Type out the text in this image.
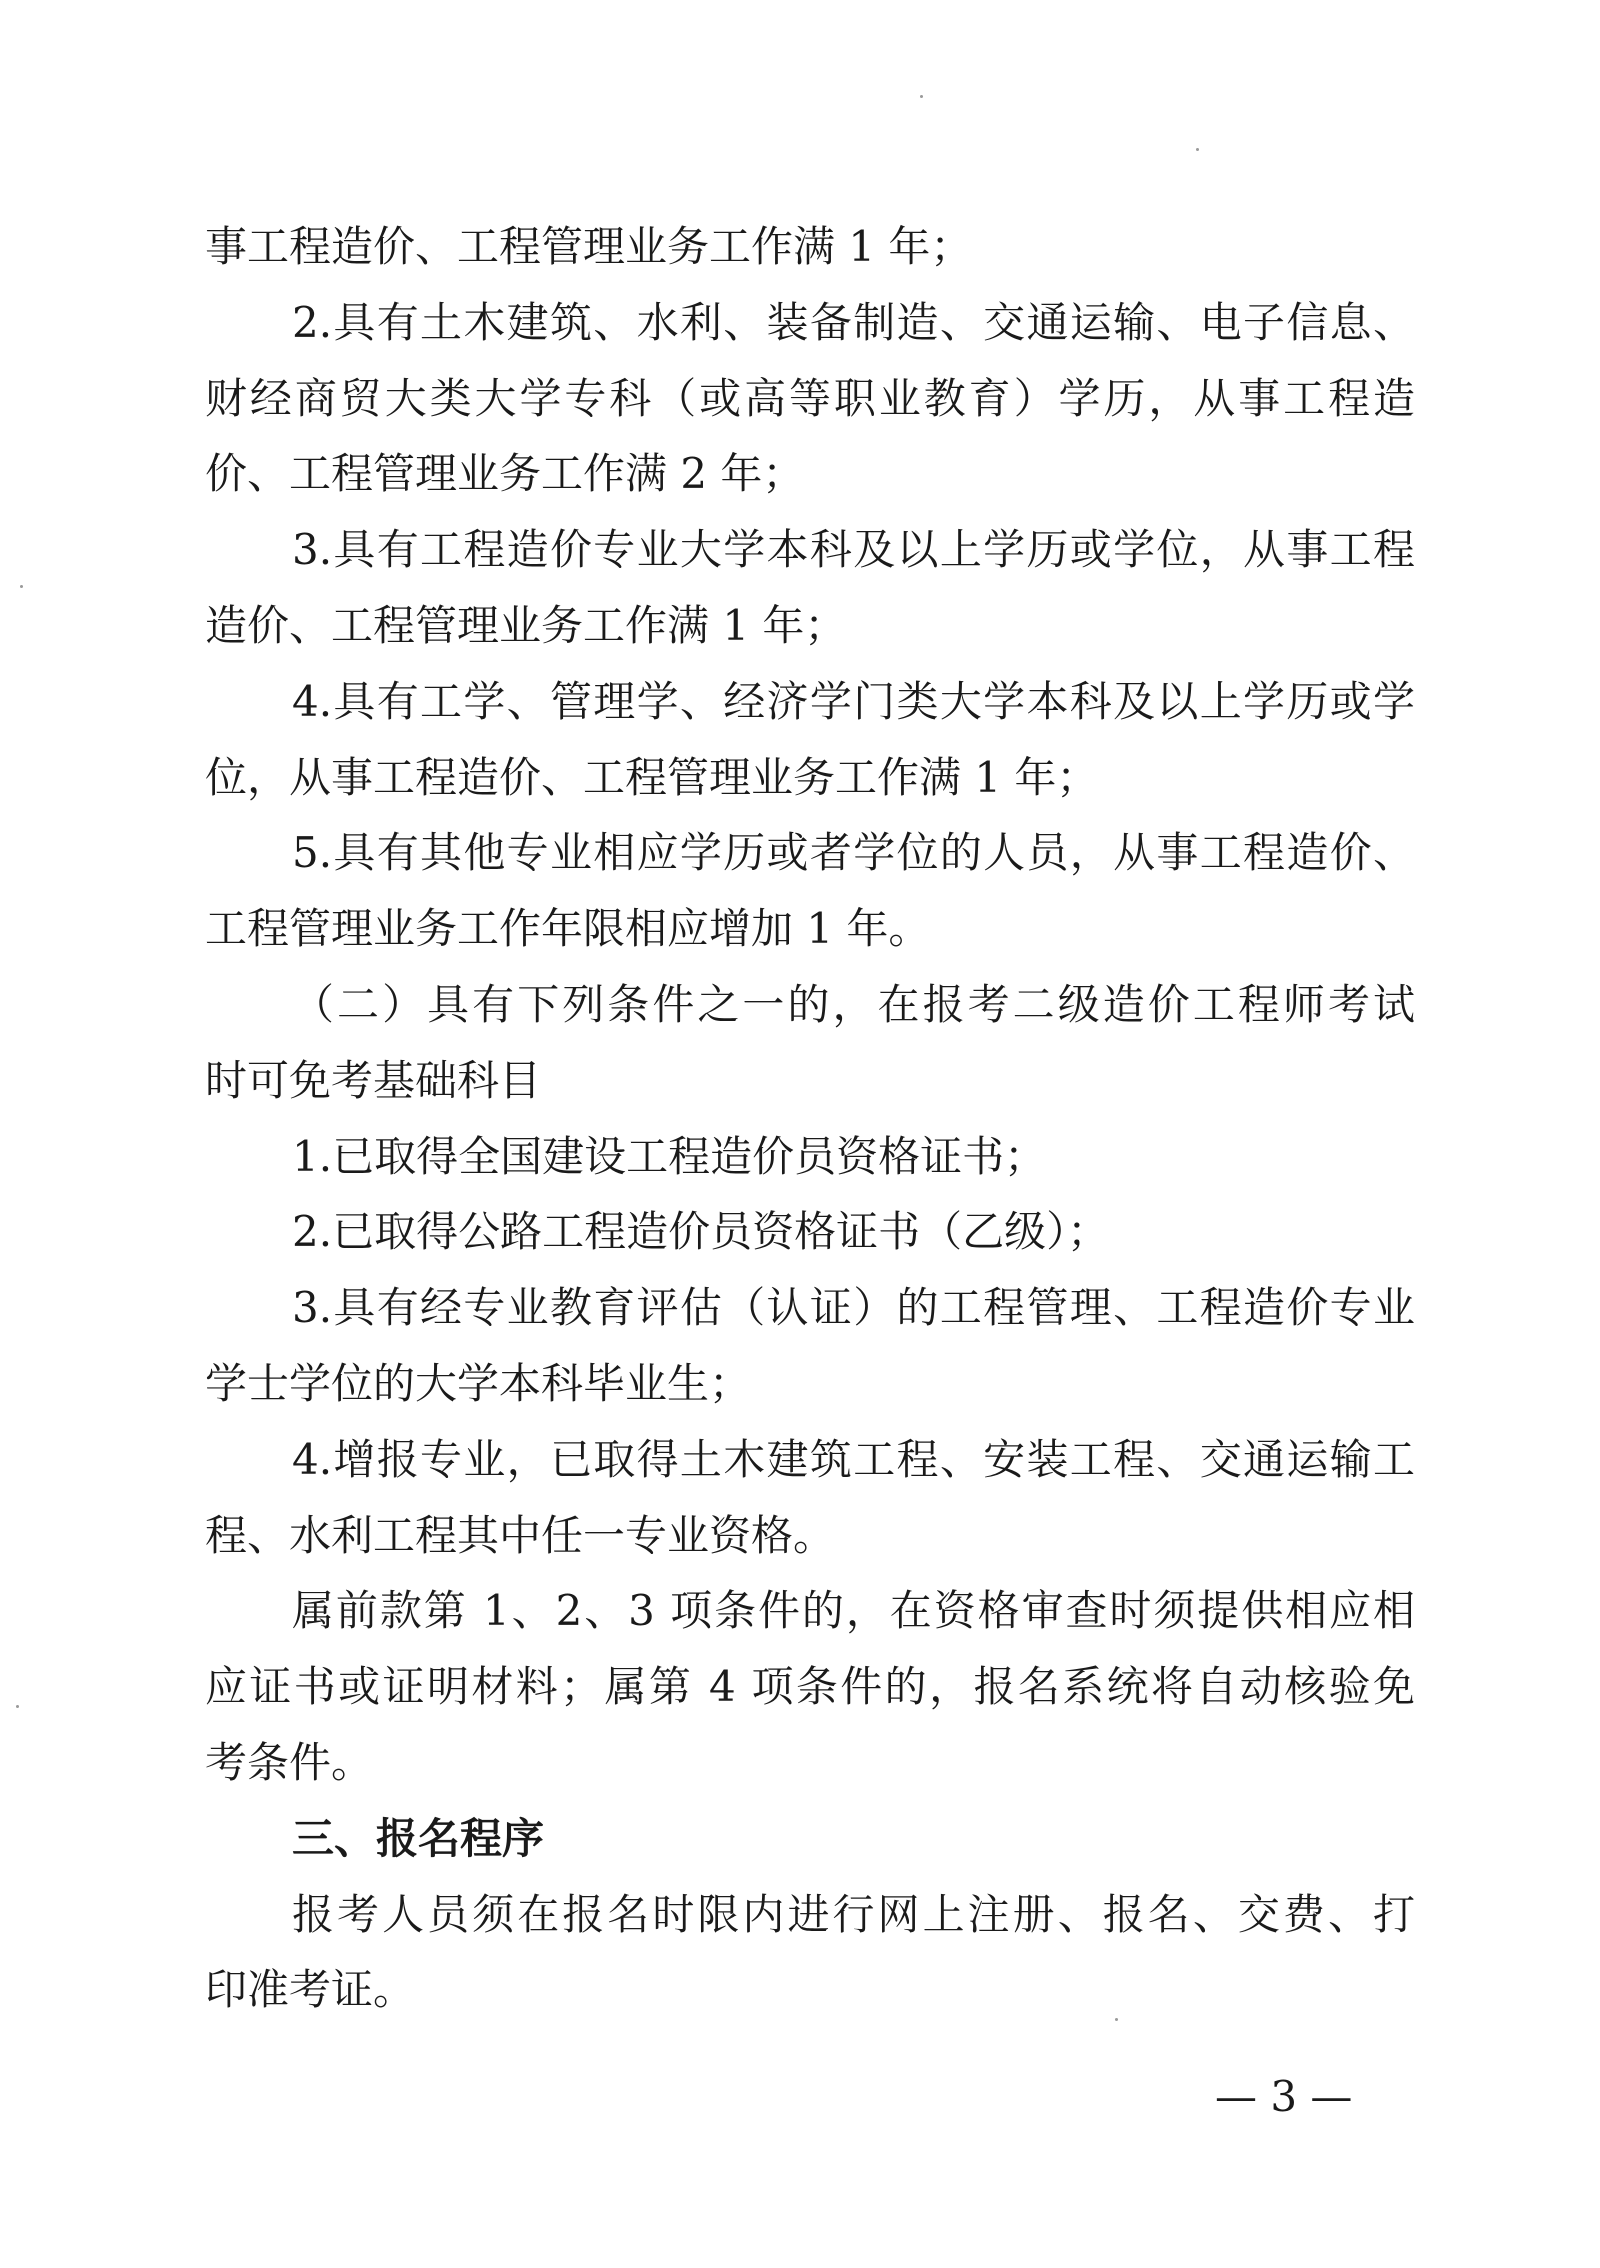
事工程造价、工程管理业务工作满 1 年；
2.具有土木建筑、水利、装备制造、交通运输、电子信息、
财经商贸大类大学专科（或高等职业教育）学历，从事工程造
价、工程管理业务工作满 2 年；
3.具有工程造价专业大学本科及以上学历或学位，从事工程
造价、工程管理业务工作满 1 年；
4.具有工学、管理学、经济学门类大学本科及以上学历或学
位，从事工程造价、工程管理业务工作满 1 年；
5.具有其他专业相应学历或者学位的人员，从事工程造价、
工程管理业务工作年限相应增加 1 年。
（二）具有下列条件之一的，在报考二级造价工程师考试
时可免考基础科目
1.已取得全国建设工程造价员资格证书；
2.已取得公路工程造价员资格证书（乙级）；
3.具有经专业教育评估（认证）的工程管理、工程造价专业
学士学位的大学本科毕业生；
4.增报专业，已取得土木建筑工程、安装工程、交通运输工
程、水利工程其中任一专业资格。
属前款第 1、2、3 项条件的，在资格审查时须提供相应相
应证书或证明材料；属第 4 项条件的，报名系统将自动核验免
考条件。
三、报名程序
报考人员须在报名时限内进行网上注册、报名、交费、打
印准考证。
— 3 —
